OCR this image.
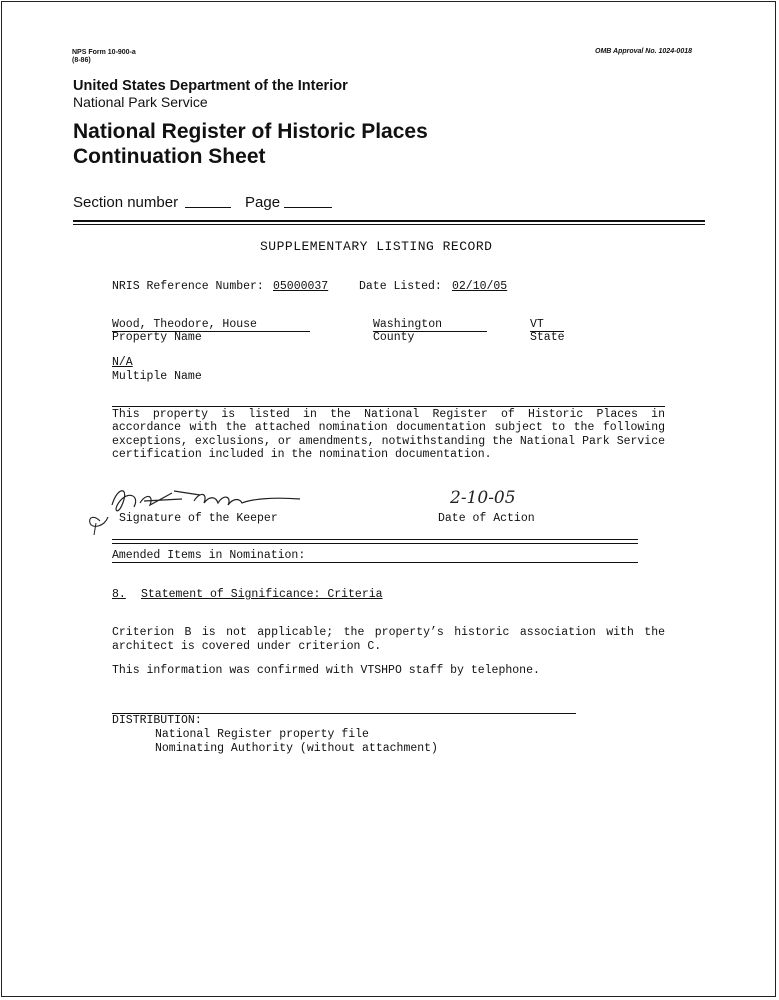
NPS Form 10-900-a
(8-86)
OMB Approval No. 1024-0018
United States Department of the Interior
National Park Service
National Register of Historic Places
Continuation Sheet
Section number	Page
SUPPLEMENTARY LISTING RECORD
NRIS Reference Number: 05000037	Date Listed: 02/10/05
Wood, Theodore, House
Property Name
Washington
County
VT
State
N/A
Multiple Name
This property is listed in the National Register of Historic Places in accordance with the attached nomination documentation subject to the following exceptions, exclusions, or amendments, notwithstanding the National Park Service certification included in the nomination documentation.
Signature of the Keeper
2-10-05
Date of Action
Amended Items in Nomination:
8. Statement of Significance: Criteria
Criterion B is not applicable; the property’s historic association with the architect is covered under criterion C.
This information was confirmed with VTSHPO staff by telephone.
DISTRIBUTION:
National Register property file
Nominating Authority (without attachment)
